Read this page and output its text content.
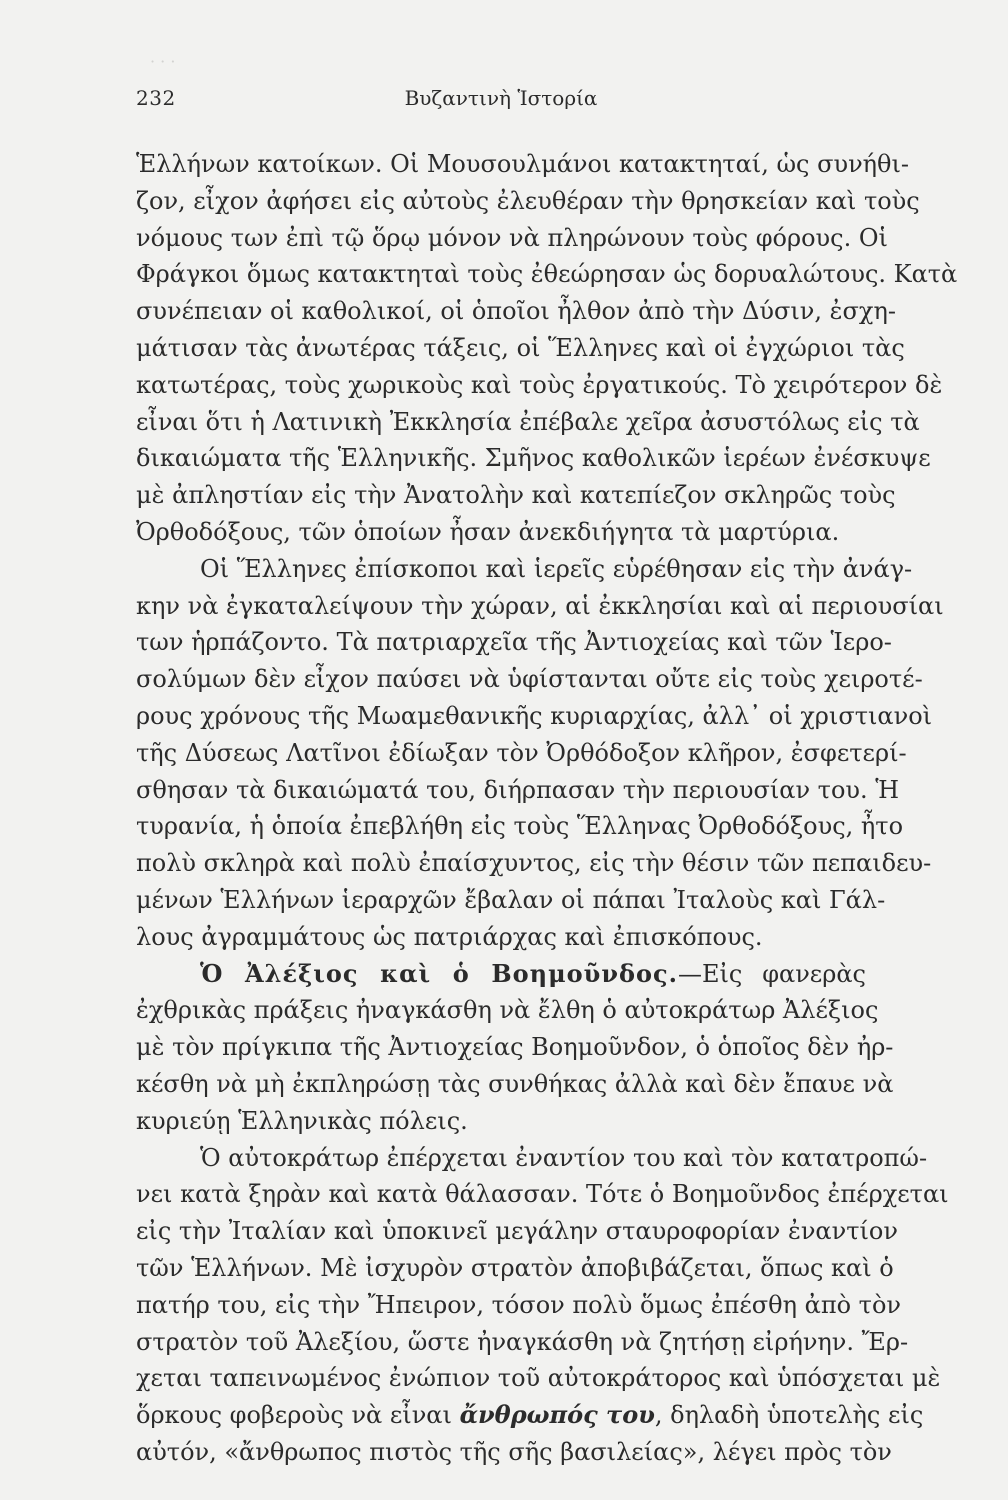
· · ·
232	Βυζαντινὴ Ἱστορία
Ἑλλήνων κατοίκων. Οἱ Μουσουλμάνοι κατακτηταί, ὡς συνήθι-
ζον, εἶχον ἀφήσει εἰς αὐτοὺς ἐλευθέραν τὴν θρησκείαν καὶ τοὺς
νόμους των ἐπὶ τῷ ὅρῳ μόνον νὰ πληρώνουν τοὺς φόρους. Οἱ
Φράγκοι ὅμως κατακτηταὶ τοὺς ἐθεώρησαν ὡς δορυαλώτους. Κατὰ
συνέπειαν οἱ καθολικοί, οἱ ὁποῖοι ἦλθον ἀπὸ τὴν Δύσιν, ἐσχη-
μάτισαν τὰς ἀνωτέρας τάξεις, οἱ Ἕλληνες καὶ οἱ ἐγχώριοι τὰς
κατωτέρας, τοὺς χωρικοὺς καὶ τοὺς ἐργατικούς. Τὸ χειρότερον δὲ
εἶναι ὅτι ἡ Λατινικὴ Ἐκκλησία ἐπέβαλε χεῖρα ἀσυστόλως εἰς τὰ
δικαιώματα τῆς Ἑλληνικῆς. Σμῆνος καθολικῶν ἱερέων ἐνέσκυψε
μὲ ἀπληστίαν εἰς τὴν Ἀνατολὴν καὶ κατεπίεζον σκληρῶς τοὺς
Ὀρθοδόξους, τῶν ὁποίων ἦσαν ἀνεκδιήγητα τὰ μαρτύρια.
Οἱ Ἕλληνες ἐπίσκοποι καὶ ἱερεῖς εὑρέθησαν εἰς τὴν ἀνάγ-
κην νὰ ἐγκαταλείψουν τὴν χώραν, αἱ ἐκκλησίαι καὶ αἱ περιουσίαι
των ἡρπάζοντο. Τὰ πατριαρχεῖα τῆς Ἀντιοχείας καὶ τῶν Ἱερο-
σολύμων δὲν εἶχον παύσει νὰ ὑφίστανται οὔτε εἰς τοὺς χειροτέ-
ρους χρόνους τῆς Μωαμεθανικῆς κυριαρχίας, ἀλλ᾿ οἱ χριστιανοὶ
τῆς Δύσεως Λατῖνοι ἐδίωξαν τὸν Ὀρθόδοξον κλῆρον, ἐσφετερί-
σθησαν τὰ δικαιώματά του, διήρπασαν τὴν περιουσίαν του. Ἡ
τυρανία, ἡ ὁποία ἐπεβλήθη εἰς τοὺς Ἕλληνας Ὀρθοδόξους, ἦτο
πολὺ σκληρὰ καὶ πολὺ ἐπαίσχυντος, εἰς τὴν θέσιν τῶν πεπαιδευ-
μένων Ἑλλήνων ἱεραρχῶν ἔβαλαν οἱ πάπαι Ἰταλοὺς καὶ Γάλ-
λους ἀγραμμάτους ὡς πατριάρχας καὶ ἐπισκόπους.
Ὁ Ἀλέξιος καὶ ὁ Βοημοῦνδος.—Εἰς φανερὰς
ἐχθρικὰς πράξεις ἠναγκάσθη νὰ ἔλθη ὁ αὐτοκράτωρ Ἀλέξιος
μὲ τὸν πρίγκιπα τῆς Ἀντιοχείας Βοημοῦνδον, ὁ ὁποῖος δὲν ἠρ-
κέσθη νὰ μὴ ἐκπληρώσῃ τὰς συνθήκας ἀλλὰ καὶ δὲν ἔπαυε νὰ
κυριεύῃ Ἑλληνικὰς πόλεις.
Ὁ αὐτοκράτωρ ἐπέρχεται ἐναντίον του καὶ τὸν κατατροπώ-
νει κατὰ ξηρὰν καὶ κατὰ θάλασσαν. Τότε ὁ Βοημοῦνδος ἐπέρχεται
εἰς τὴν Ἰταλίαν καὶ ὑποκινεῖ μεγάλην σταυροφορίαν ἐναντίον
τῶν Ἑλλήνων. Μὲ ἰσχυρὸν στρατὸν ἀποβιβάζεται, ὅπως καὶ ὁ
πατήρ του, εἰς τὴν Ἤπειρον, τόσον πολὺ ὅμως ἐπέσθη ἀπὸ τὸν
στρατὸν τοῦ Ἀλεξίου, ὥστε ἠναγκάσθη νὰ ζητήσῃ εἰρήνην. Ἔρ-
χεται ταπεινωμένος ἐνώπιον τοῦ αὐτοκράτορος καὶ ὑπόσχεται μὲ
ὅρκους φοβεροὺς νὰ εἶναι ἄνθρωπός του, δηλαδὴ ὑποτελὴς εἰς
αὐτόν, «ἄνθρωπος πιστὸς τῆς σῆς βασιλείας», λέγει πρὸς τὸν
